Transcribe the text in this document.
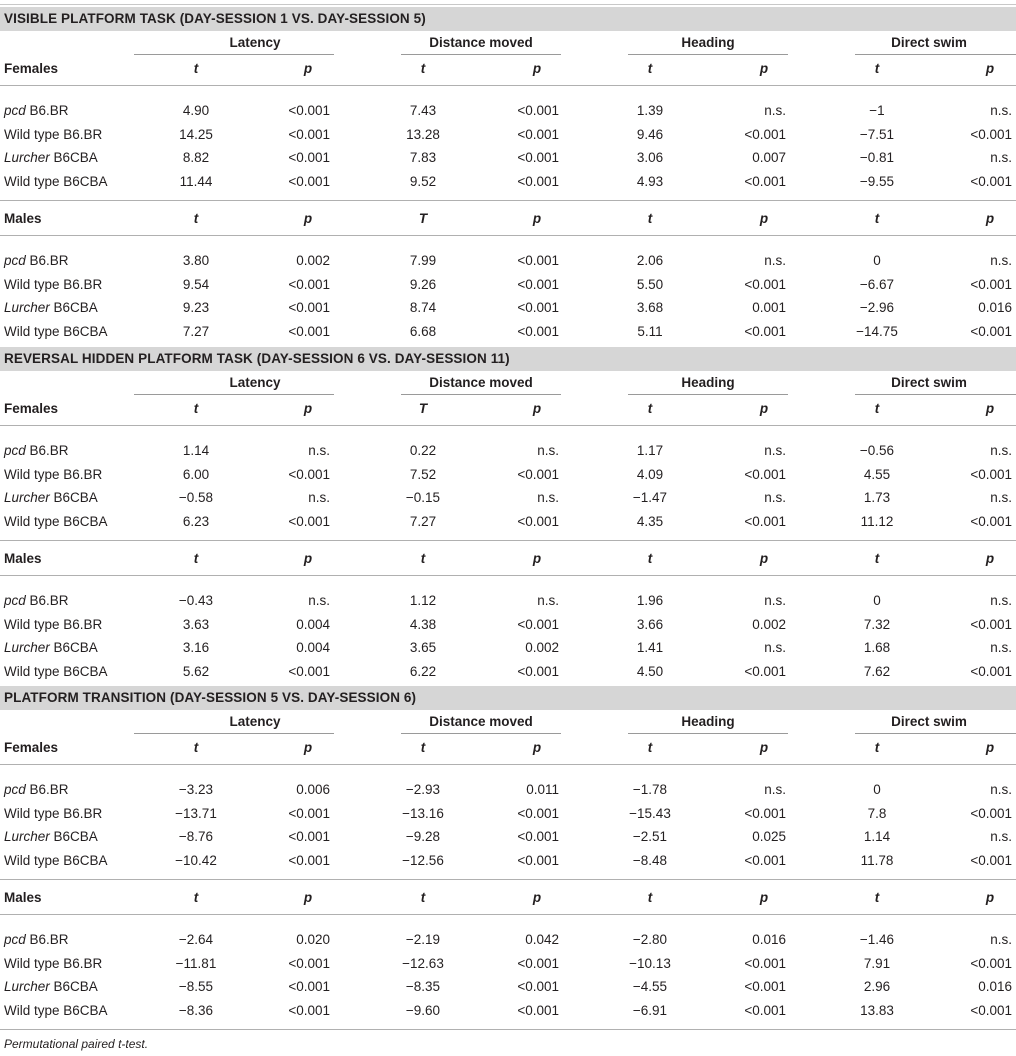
VISIBLE PLATFORM TASK (DAY-SESSION 1 VS. DAY-SESSION 5)
Latency	Distance moved	Heading	Direct swim
Females	t	p	t	p	t	p	t	p
pcd B6.BR	4.90	<0.001	7.43	<0.001	1.39	n.s.	−1	n.s.
Wild type B6.BR	14.25	<0.001	13.28	<0.001	9.46	<0.001	−7.51	<0.001
Lurcher B6CBA	8.82	<0.001	7.83	<0.001	3.06	0.007	−0.81	n.s.
Wild type B6CBA	11.44	<0.001	9.52	<0.001	4.93	<0.001	−9.55	<0.001
Males	t	p	T	p	t	p	t	p
pcd B6.BR	3.80	0.002	7.99	<0.001	2.06	n.s.	0	n.s.
Wild type B6.BR	9.54	<0.001	9.26	<0.001	5.50	<0.001	−6.67	<0.001
Lurcher B6CBA	9.23	<0.001	8.74	<0.001	3.68	0.001	−2.96	0.016
Wild type B6CBA	7.27	<0.001	6.68	<0.001	5.11	<0.001	−14.75	<0.001
REVERSAL HIDDEN PLATFORM TASK (DAY-SESSION 6 VS. DAY-SESSION 11)
Latency	Distance moved	Heading	Direct swim
Females	t	p	T	p	t	p	t	p
pcd B6.BR	1.14	n.s.	0.22	n.s.	1.17	n.s.	−0.56	n.s.
Wild type B6.BR	6.00	<0.001	7.52	<0.001	4.09	<0.001	4.55	<0.001
Lurcher B6CBA	−0.58	n.s.	−0.15	n.s.	−1.47	n.s.	1.73	n.s.
Wild type B6CBA	6.23	<0.001	7.27	<0.001	4.35	<0.001	11.12	<0.001
Males	t	p	t	p	t	p	t	p
pcd B6.BR	−0.43	n.s.	1.12	n.s.	1.96	n.s.	0	n.s.
Wild type B6.BR	3.63	0.004	4.38	<0.001	3.66	0.002	7.32	<0.001
Lurcher B6CBA	3.16	0.004	3.65	0.002	1.41	n.s.	1.68	n.s.
Wild type B6CBA	5.62	<0.001	6.22	<0.001	4.50	<0.001	7.62	<0.001
PLATFORM TRANSITION (DAY-SESSION 5 VS. DAY-SESSION 6)
Latency	Distance moved	Heading	Direct swim
Females	t	p	t	p	t	p	t	p
pcd B6.BR	−3.23	0.006	−2.93	0.011	−1.78	n.s.	0	n.s.
Wild type B6.BR	−13.71	<0.001	−13.16	<0.001	−15.43	<0.001	7.8	<0.001
Lurcher B6CBA	−8.76	<0.001	−9.28	<0.001	−2.51	0.025	1.14	n.s.
Wild type B6CBA	−10.42	<0.001	−12.56	<0.001	−8.48	<0.001	11.78	<0.001
Males	t	p	t	p	t	p	t	p
pcd B6.BR	−2.64	0.020	−2.19	0.042	−2.80	0.016	−1.46	n.s.
Wild type B6.BR	−11.81	<0.001	−12.63	<0.001	−10.13	<0.001	7.91	<0.001
Lurcher B6CBA	−8.55	<0.001	−8.35	<0.001	−4.55	<0.001	2.96	0.016
Wild type B6CBA	−8.36	<0.001	−9.60	<0.001	−6.91	<0.001	13.83	<0.001
Permutational paired t-test.
